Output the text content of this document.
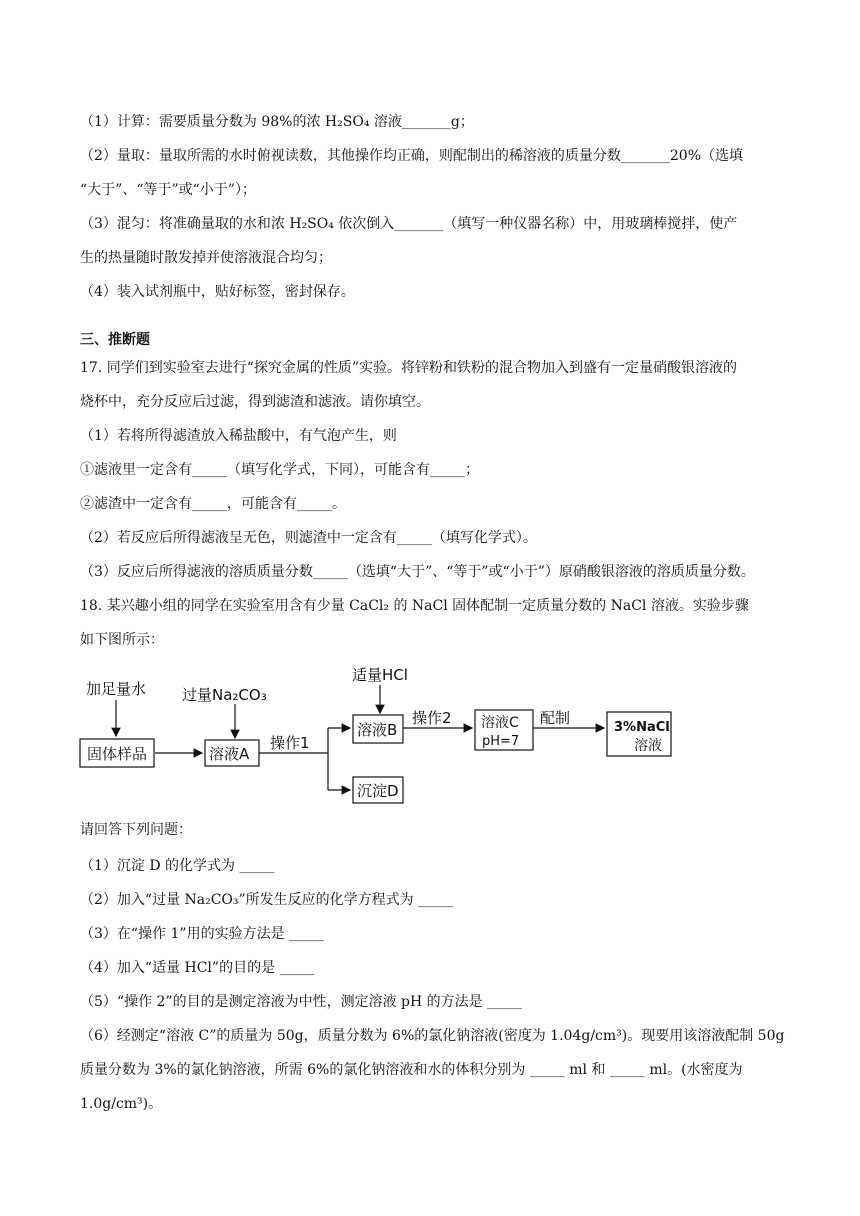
（1）计算：需要质量分数为 98%的浓 H₂SO₄ 溶液_______g；
（2）量取：量取所需的水时俯视读数，其他操作均正确，则配制出的稀溶液的质量分数_______20%（选填
“大于”、“等于”或“小于”）；
（3）混匀：将准确量取的水和浓 H₂SO₄ 依次倒入_______（填写一种仪器名称）中，用玻璃棒搅拌，使产
生的热量随时散发掉并使溶液混合均匀；
（4）装入试剂瓶中，贴好标签，密封保存。
三、推断题
17. 同学们到实验室去进行“探究金属的性质”实验。将锌粉和铁粉的混合物加入到盛有一定量硝酸银溶液的
烧杯中，充分反应后过滤，得到滤渣和滤液。请你填空。
（1）若将所得滤渣放入稀盐酸中，有气泡产生，则
①滤液里一定含有_____（填写化学式，下同），可能含有_____；
②滤渣中一定含有_____，可能含有_____。
（2）若反应后所得滤液呈无色，则滤渣中一定含有_____（填写化学式）。
（3）反应后所得滤液的溶质质量分数_____（选填“大于”、“等于”或“小于”）原硝酸银溶液的溶质质量分数。
18. 某兴趣小组的同学在实验室用含有少量 CaCl₂ 的 NaCl 固体配制一定质量分数的 NaCl 溶液。实验步骤
如下图所示：
加足量水
固体样品
过量Na₂CO₃
溶液A
操作1
适量HCl
溶液B
沉淀D
操作2 溶液C
pH=7
配制
3%NaCl
溶液
请回答下列问题：
（1）沉淀 D 的化学式为 _____
（2）加入“过量 Na₂CO₃”所发生反应的化学方程式为 _____
（3）在“操作 1”用的实验方法是 _____
（4）加入“适量 HCl”的目的是 _____
（5）“操作 2”的目的是测定溶液为中性，测定溶液 pH 的方法是 _____
（6）经测定“溶液 C”的质量为 50g，质量分数为 6%的氯化钠溶液(密度为 1.04g/cm³)。现要用该溶液配制 50g
质量分数为 3%的氯化钠溶液，所需 6%的氯化钠溶液和水的体积分别为 _____ ml 和 _____ ml。(水密度为
1.0g/cm³)。
